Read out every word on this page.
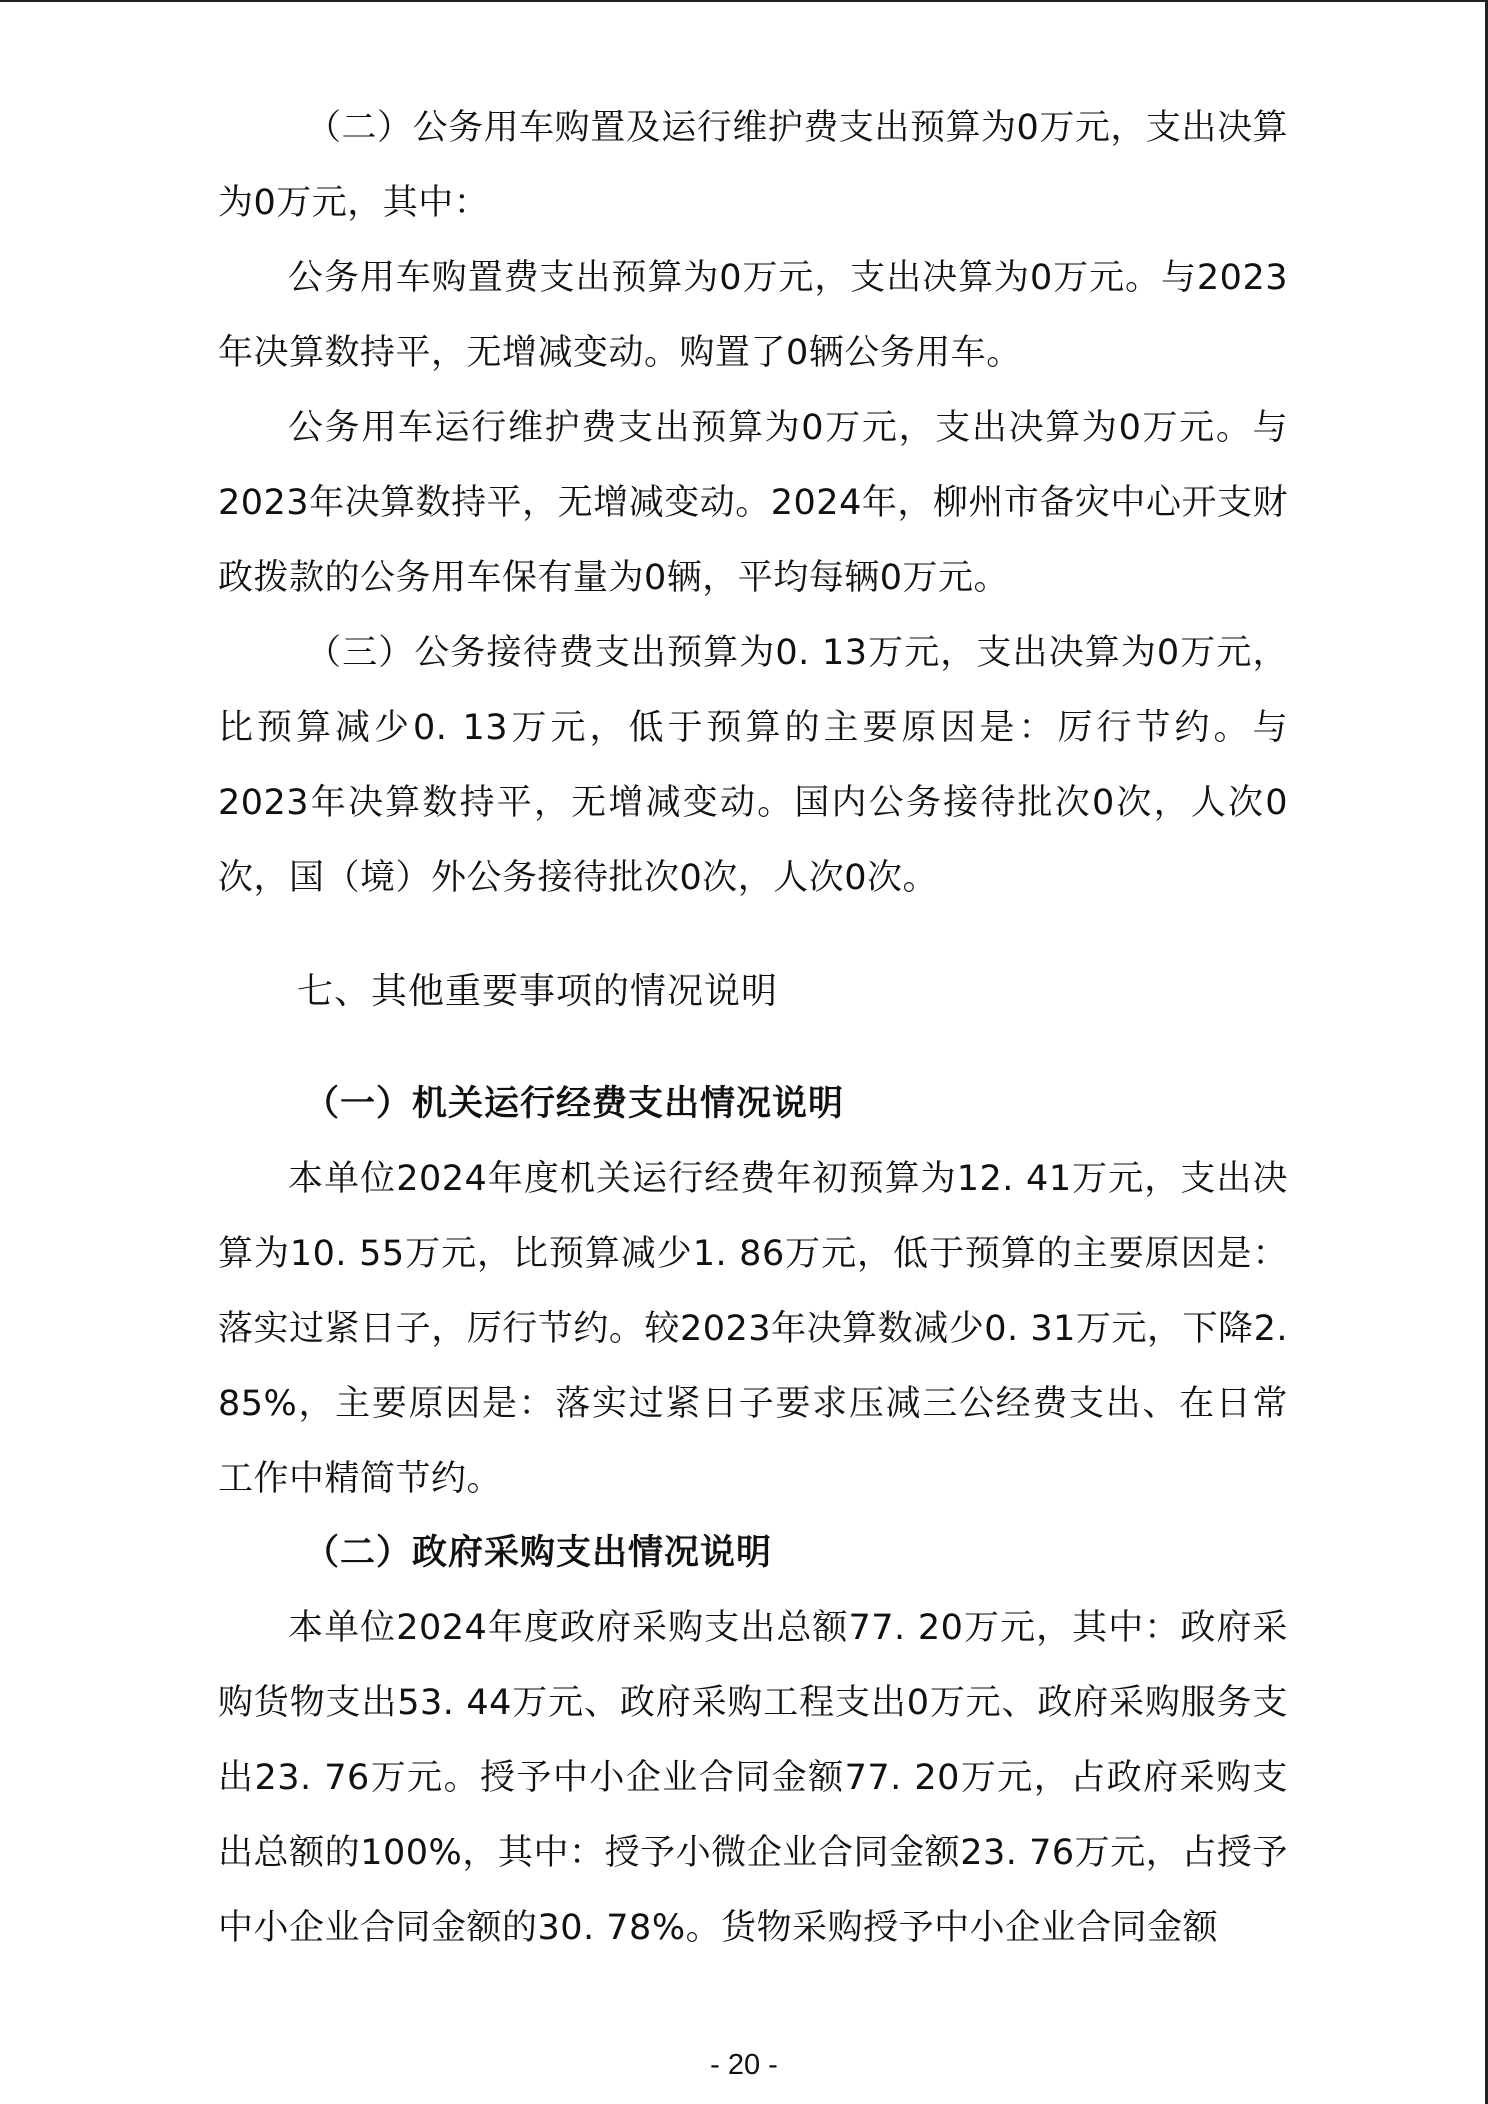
（二）公务用车购置及运行维护费支出预算为0万元，支出决算为0万元，其中：

公务用车购置费支出预算为0万元，支出决算为0万元。与2023年决算数持平，无增减变动。购置了0辆公务用车。

公务用车运行维护费支出预算为0万元，支出决算为0万元。与2023年决算数持平，无增减变动。2024年，柳州市备灾中心开支财政拨款的公务用车保有量为0辆，平均每辆0万元。

（三）公务接待费支出预算为0. 13万元，支出决算为0万元，比预算减少0. 13万元，低于预算的主要原因是：厉行节约。与2023年决算数持平，无增减变动。国内公务接待批次0次，人次0次，国（境）外公务接待批次0次，人次0次。

七、其他重要事项的情况说明
（一）机关运行经费支出情况说明

本单位2024年度机关运行经费年初预算为12. 41万元，支出决算为10. 55万元，比预算减少1. 86万元，低于预算的主要原因是：落实过紧日子，厉行节约。较2023年决算数减少0. 31万元，下降2. 85%，主要原因是：落实过紧日子要求压减三公经费支出、在日常工作中精简节约。

（二）政府采购支出情况说明

本单位2024年度政府采购支出总额77. 20万元，其中：政府采购货物支出53. 44万元、政府采购工程支出0万元、政府采购服务支出23. 76万元。授予中小企业合同金额77. 20万元，占政府采购支出总额的100%，其中：授予小微企业合同金额23. 76万元，占授予中小企业合同金额的30. 78%。货物采购授予中小企业合同金额

- 20 -
